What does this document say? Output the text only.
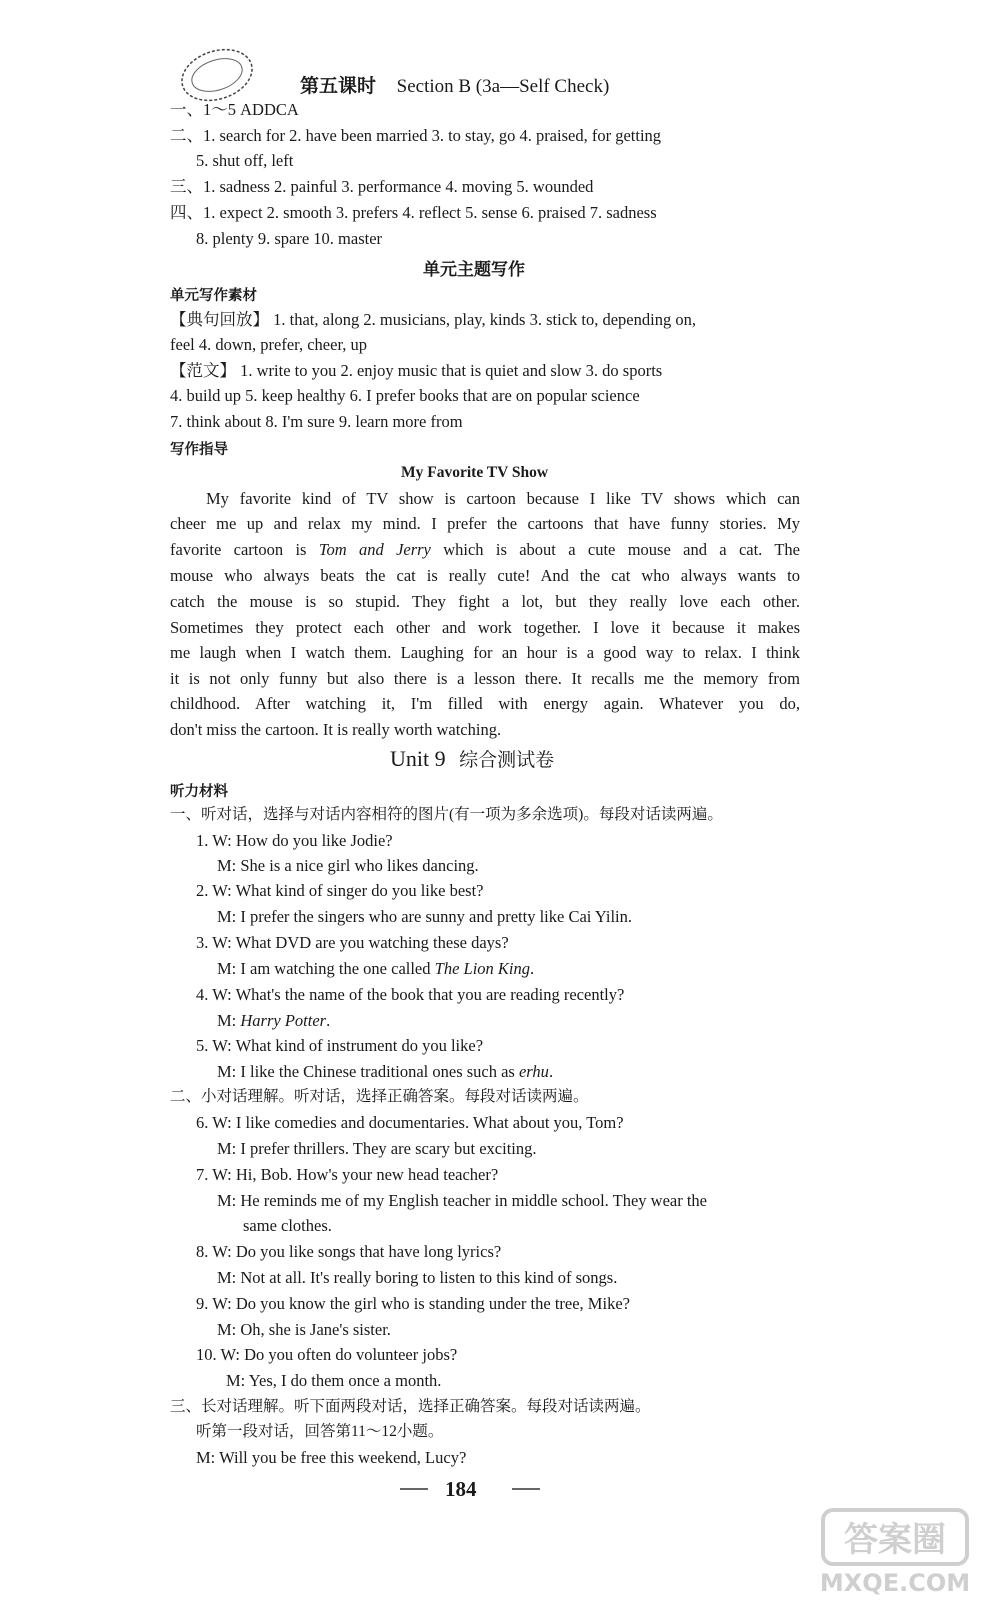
第五课时 Section B (3a—Self Check)
一、1～5 ADDCA
二、1. search for 2. have been married 3. to stay, go 4. praised, for getting
5. shut off, left
三、1. sadness 2. painful 3. performance 4. moving 5. wounded
四、1. expect 2. smooth 3. prefers 4. reflect 5. sense 6. praised 7. sadness
8. plenty 9. spare 10. master
单元主题写作
单元写作素材
【典句回放】 1. that, along 2. musicians, play, kinds 3. stick to, depending on,
feel 4. down, prefer, cheer, up
【范文】 1. write to you 2. enjoy music that is quiet and slow 3. do sports
4. build up 5. keep healthy 6. I prefer books that are on popular science
7. think about 8. I'm sure 9. learn more from
写作指导
My Favorite TV Show
My favorite kind of TV show is cartoon because I like TV shows which can
cheer me up and relax my mind. I prefer the cartoons that have funny stories. My
favorite cartoon is Tom and Jerry which is about a cute mouse and a cat. The
mouse who always beats the cat is really cute! And the cat who always wants to
catch the mouse is so stupid. They fight a lot, but they really love each other.
Sometimes they protect each other and work together. I love it because it makes
me laugh when I watch them. Laughing for an hour is a good way to relax. I think
it is not only funny but also there is a lesson there. It recalls me the memory from
childhood. After watching it, I'm filled with energy again. Whatever you do,
don't miss the cartoon. It is really worth watching.
Unit 9 综合测试卷
听力材料
一、听对话，选择与对话内容相符的图片(有一项为多余选项)。每段对话读两遍。
1. W: How do you like Jodie?
M: She is a nice girl who likes dancing.
2. W: What kind of singer do you like best?
M: I prefer the singers who are sunny and pretty like Cai Yilin.
3. W: What DVD are you watching these days?
M: I am watching the one called The Lion King.
4. W: What's the name of the book that you are reading recently?
M: Harry Potter.
5. W: What kind of instrument do you like?
M: I like the Chinese traditional ones such as erhu.
二、小对话理解。听对话，选择正确答案。每段对话读两遍。
6. W: I like comedies and documentaries. What about you, Tom?
M: I prefer thrillers. They are scary but exciting.
7. W: Hi, Bob. How's your new head teacher?
M: He reminds me of my English teacher in middle school. They wear the
same clothes.
8. W: Do you like songs that have long lyrics?
M: Not at all. It's really boring to listen to this kind of songs.
9. W: Do you know the girl who is standing under the tree, Mike?
M: Oh, she is Jane's sister.
10. W: Do you often do volunteer jobs?
M: Yes, I do them once a month.
三、长对话理解。听下面两段对话，选择正确答案。每段对话读两遍。
听第一段对话，回答第11～12小题。
M: Will you be free this weekend, Lucy?
184
答案圈
MXQE.COM
